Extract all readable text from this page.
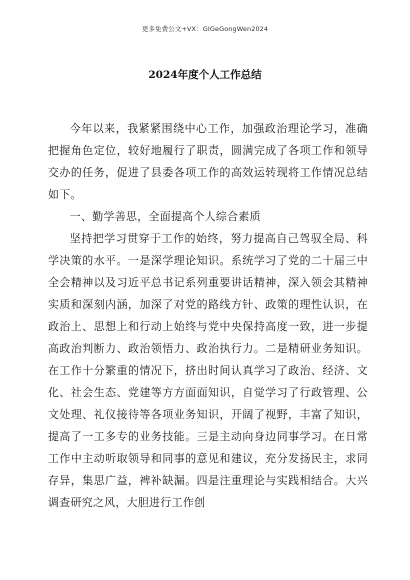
更多免费公文+VX：GIGeGongWen2024
2024年度个人工作总结

今年以来，我紧紧围绕中心工作，加强政治理论学习，准确把握角色定位，较好地履行了职责，圆满完成了各项工作和领导交办的任务，促进了县委各项工作的高效运转现将工作情况总结如下。

一、勤学善思，全面提高个人综合素质

坚持把学习贯穿于工作的始终，努力提高自己驾驭全局、科学决策的水平。一是深学理论知识。系统学习了党的二十届三中全会精神以及习近平总书记系列重要讲话精神，深入领会其精神实质和深刻内涵，加深了对党的路线方针、政策的理性认识，在政治上、思想上和行动上始终与党中央保持高度一致，进一步提高政治判断力、政治领悟力、政治执行力。二是精研业务知识。在工作十分繁重的情况下，挤出时间认真学习了政治、经济、文化、社会生态、党建等方方面面知识，自觉学习了行政管理、公文处理、礼仪接待等各项业务知识，开阔了视野，丰富了知识，提高了一工多专的业务技能。三是主动向身边同事学习。在日常工作中主动听取领导和同事的意见和建议，充分发扬民主，求同存异，集思广益，裨补缺漏。四是注重理论与实践相结合。大兴调查研究之风，大胆进行工作创
